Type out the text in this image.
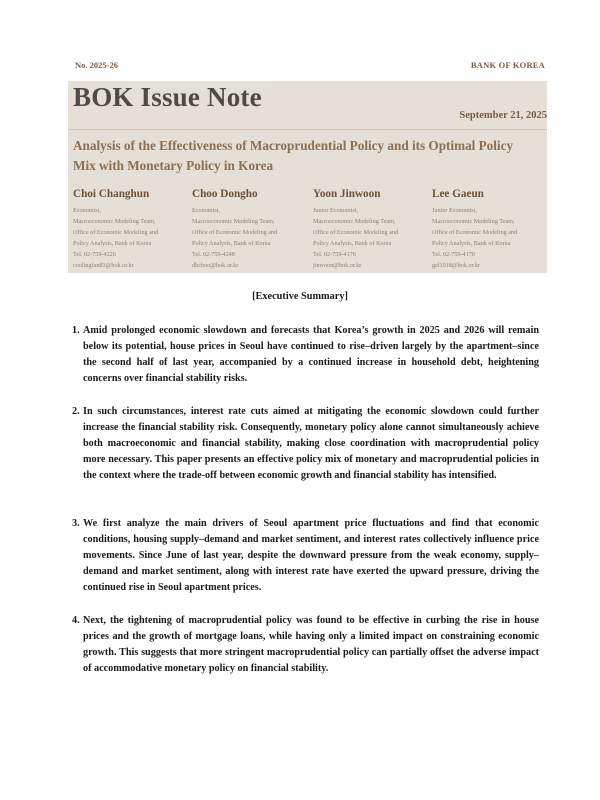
No. 2025-26	BANK OF KOREA
BOK Issue Note
September 21, 2025
Analysis of the Effectiveness of Macroprudential Policy and its Optimal Policy Mix with Monetary Policy in Korea
Choi Changhun
Economist,
Macroeconomic Modeling Team,
Office of Economic Modeling and
Policy Analysis, Bank of Korea
Tel. 02-759-4226
coolingfan83@bok.or.kr
Choo Dongho
Economist,
Macroeconomic Modeling Team,
Office of Economic Modeling and
Policy Analysis, Bank of Korea
Tel. 02-759-4248
dhchoo@bok.or.kr
Yoon Jinwoon
Junior Economist,
Macroeconomic Modeling Team,
Office of Economic Modeling and
Policy Analysis, Bank of Korea
Tel. 02-759-4176
jinwoon@bok.or.kr
Lee Gaeun
Junior Economist,
Macroeconomic Modeling Team,
Office of Economic Modeling and
Policy Analysis, Bank of Korea
Tel. 02-759-4170
gel1018@bok.or.kr
[Executive Summary]
1. Amid prolonged economic slowdown and forecasts that Korea’s growth in 2025 and 2026 will remain below its potential, house prices in Seoul have continued to rise–driven largely by the apartment–since the second half of last year, accompanied by a continued increase in household debt, heightening concerns over financial stability risks.
2. In such circumstances, interest rate cuts aimed at mitigating the economic slowdown could further increase the financial stability risk. Consequently, monetary policy alone cannot simultaneously achieve both macroeconomic and financial stability, making close coordination with macroprudential policy more necessary. This paper presents an effective policy mix of monetary and macroprudential policies in the context where the trade-off between economic growth and financial stability has intensified.
3. We first analyze the main drivers of Seoul apartment price fluctuations and find that economic conditions, housing supply–demand and market sentiment, and interest rates collectively influence price movements. Since June of last year, despite the downward pressure from the weak economy, supply–demand and market sentiment, along with interest rate have exerted the upward pressure, driving the continued rise in Seoul apartment prices.
4. Next, the tightening of macroprudential policy was found to be effective in curbing the rise in house prices and the growth of mortgage loans, while having only a limited impact on constraining economic growth. This suggests that more stringent macroprudential policy can partially offset the adverse impact of accommodative monetary policy on financial stability.
